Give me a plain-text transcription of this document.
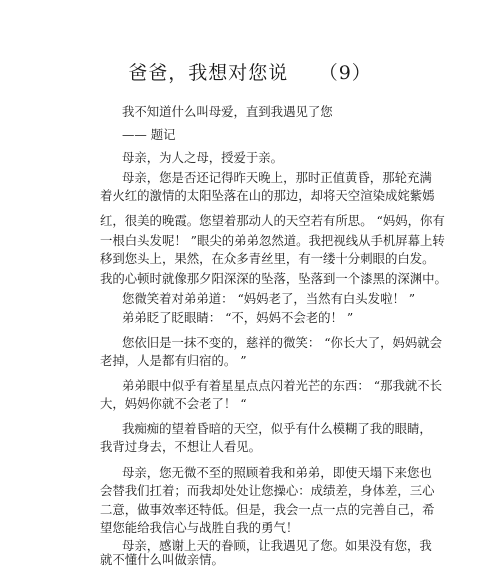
爸爸，我想对您说　　（9）
我不知道什么叫母爱，直到我遇见了您
—— 题记
母亲，为人之母，授爱于亲。
母亲，您是否还记得昨天晚上，那时正值黄昏，那轮充满
着火红的激情的太阳坠落在山的那边，却将天空渲染成姹紫嫣
红，很美的晚霞。您望着那动人的天空若有所思。 “妈妈，你有
一根白头发呢！ ”眼尖的弟弟忽然道。我把视线从手机屏幕上转
移到您头上，果然，在众多青丝里，有一缕十分刺眼的白发。
我的心顿时就像那夕阳深深的坠落，坠落到一个漆黑的深渊中。
您微笑着对弟弟道： “妈妈老了，当然有白头发啦！ ”
弟弟眨了眨眼睛： “不，妈妈不会老的！ ”
您依旧是一抹不变的，慈祥的微笑： “你长大了，妈妈就会
老掉，人是都有归宿的。 ”
弟弟眼中似乎有着星星点点闪着光芒的东西： “那我就不长
大，妈妈你就不会老了！ “
我痴痴的望着昏暗的天空，似乎有什么模糊了我的眼睛，
我背过身去，不想让人看见。
母亲，您无微不至的照顾着我和弟弟，即使天塌下来您也
会替我们扛着；而我却处处让您操心：成绩差，身体差，三心
二意，做事效率还特低。但是，我会一点一点的完善自己，希
望您能给我信心与战胜自我的勇气！
母亲，感谢上天的眷顾，让我遇见了您。如果没有您，我
就不懂什么叫做亲情。
